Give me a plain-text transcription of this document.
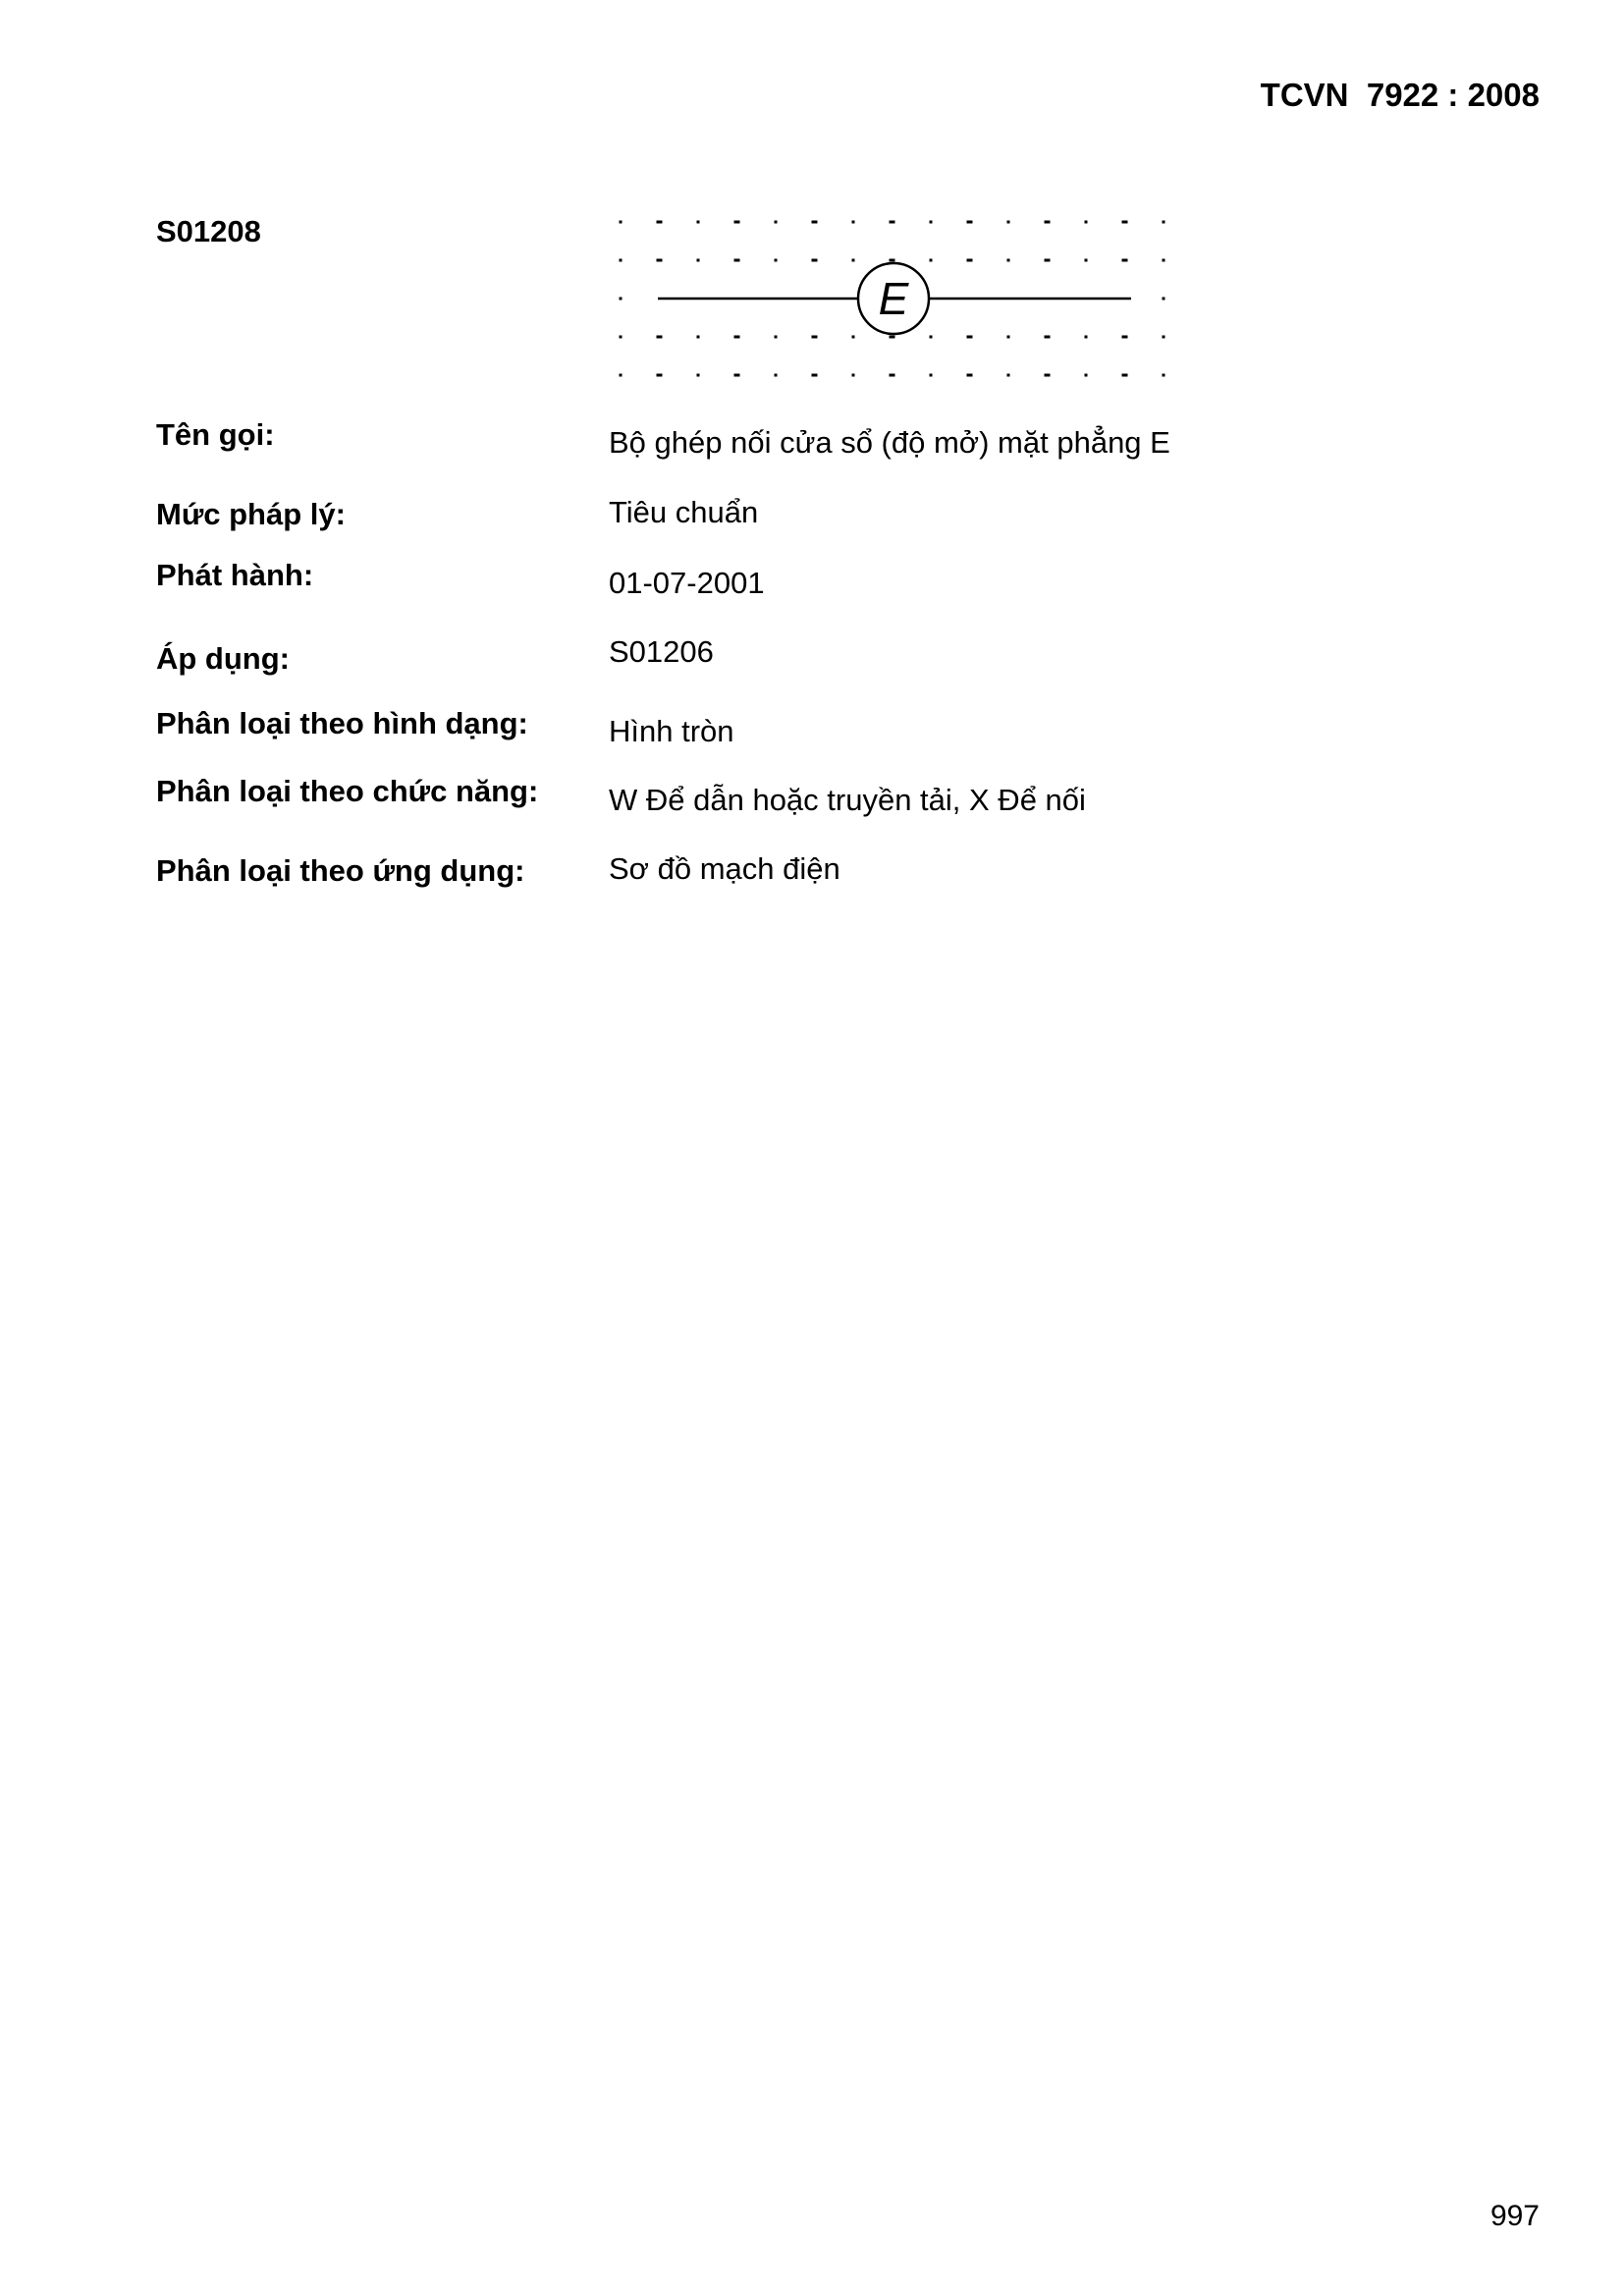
TCVN  7922 : 2008
S01208
E
Tên gọi:	Bộ ghép nối cửa sổ (độ mở) mặt phẳng E
Mức pháp lý:	Tiêu chuẩn
Phát hành:	01-07-2001
Áp dụng:	S01206
Phân loại theo hình dạng:	Hình tròn
Phân loại theo chức năng: W Để dẫn hoặc truyền tải, X Để nối
Phân loại theo ứng dụng:	Sơ đồ mạch điện
997
